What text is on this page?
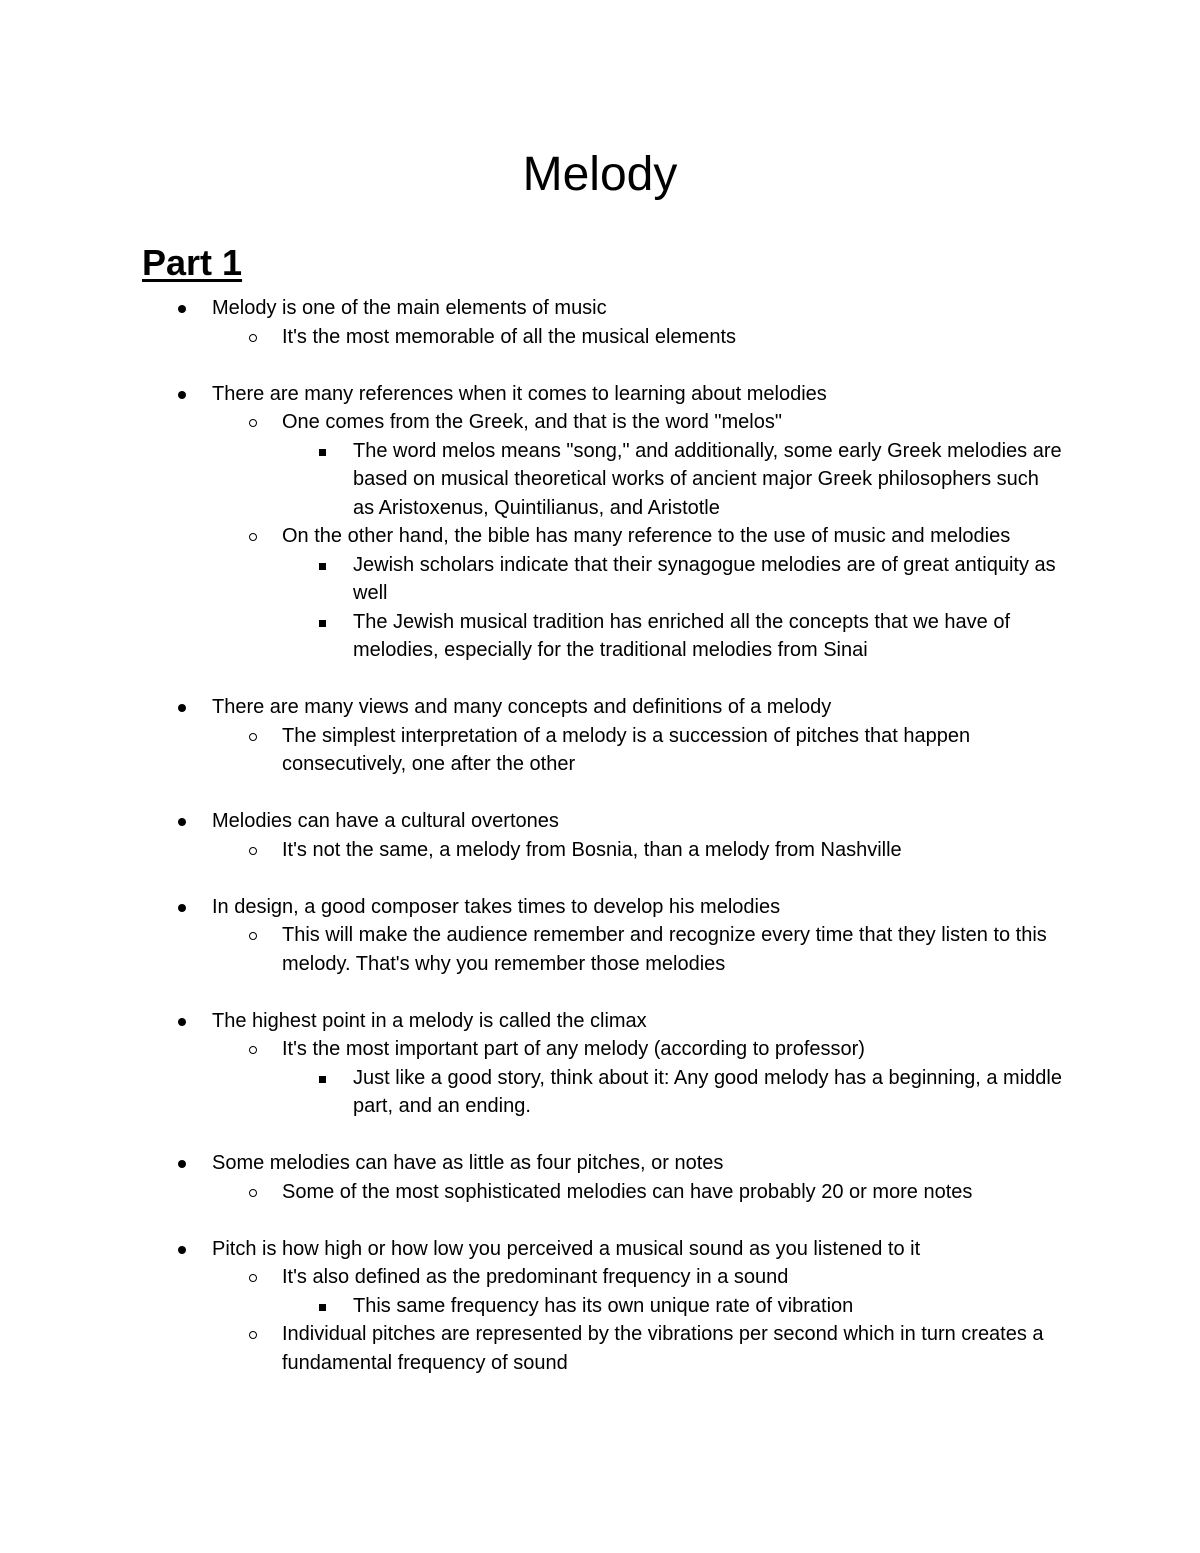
Melody
Part 1
Melody is one of the main elements of music
It's the most memorable of all the musical elements
There are many references when it comes to learning about melodies
One comes from the Greek, and that is the word "melos"
The word melos means "song," and additionally, some early Greek melodies are based on musical theoretical works of ancient major Greek philosophers such as Aristoxenus, Quintilianus, and Aristotle
On the other hand, the bible has many reference to the use of music and melodies
Jewish scholars indicate that their synagogue melodies are of great antiquity as well
The Jewish musical tradition has enriched all the concepts that we have of melodies, especially for the traditional melodies from Sinai
There are many views and many concepts and definitions of a melody
The simplest interpretation of a melody is a succession of pitches that happen consecutively, one after the other
Melodies can have a cultural overtones
It's not the same, a melody from Bosnia, than a melody from Nashville
In design, a good composer takes times to develop his melodies
This will make the audience remember and recognize every time that they listen to this melody. That's why you remember those melodies
The highest point in a melody is called the climax
It's the most important part of any melody (according to professor)
Just like a good story, think about it: Any good melody has a beginning, a middle part, and an ending.
Some melodies can have as little as four pitches, or notes
Some of the most sophisticated melodies can have probably 20 or more notes
Pitch is how high or how low you perceived a musical sound as you listened to it
It's also defined as the predominant frequency in a sound
This same frequency has its own unique rate of vibration
Individual pitches are represented by the vibrations per second which in turn creates a fundamental frequency of sound
